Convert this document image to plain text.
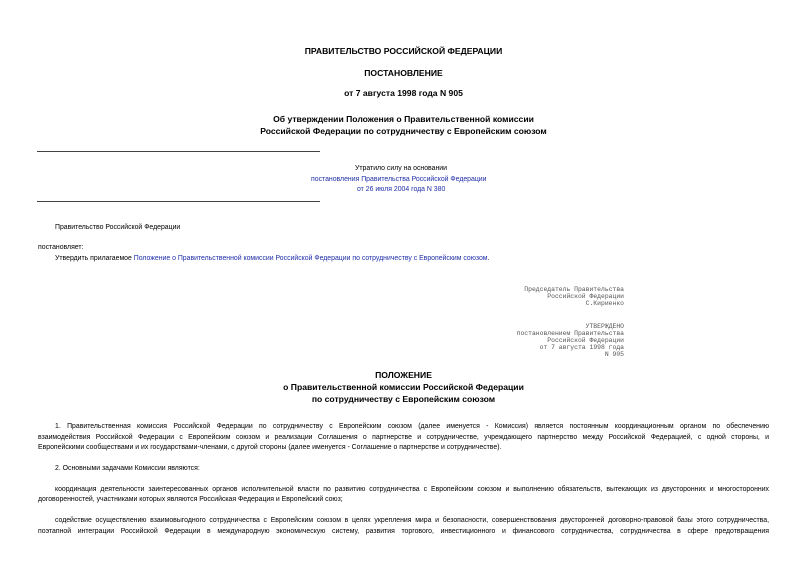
ПРАВИТЕЛЬСТВО РОССИЙСКОЙ ФЕДЕРАЦИИ
ПОСТАНОВЛЕНИЕ
от 7 августа 1998 года N 905
Об утверждении Положения о Правительственной комиссии
Российской Федерации по сотрудничеству с Европейским союзом
Утратило силу на основании
постановления Правительства Российской Федерации
от 26 июля 2004 года N 380
Правительство Российской Федерации
постановляет:
Утвердить прилагаемое Положение о Правительственной комиссии Российской Федерации по сотрудничеству с Европейским союзом.
Председатель Правительства
Российской Федерации
С.Кириенко
УТВЕРЖДЕНО
постановлением Правительства
Российской Федерации
от 7 августа 1998 года
N 905
ПОЛОЖЕНИЕ
о Правительственной комиссии Российской Федерации
по сотрудничеству с Европейским союзом
1. Правительственная комиссия Российской Федерации по сотрудничеству с Европейским союзом (далее именуется - Комиссия) является постоянным координационным органом по обеспечению
взаимодействия Российской Федерации с Европейским союзом и реализации Соглашения о партнерстве и сотрудничестве, учреждающего партнерство между Российской Федерацией, с одной стороны, и
Европейскими сообществами и их государствами-членами, с другой стороны (далее именуется - Соглашение о партнерстве и сотрудничестве).
2. Основными задачами Комиссии являются:
координация деятельности заинтересованных органов исполнительной власти по развитию сотрудничества с Европейским союзом и выполнению обязательств, вытекающих из двусторонних и многосторонних
договоренностей, участниками которых являются Российская Федерация и Европейский союз;
содействие осуществлению взаимовыгодного сотрудничества с Европейским союзом в целях укрепления мира и безопасности, совершенствования двусторонней договорно-правовой базы этого сотрудничества,
поэтапной интеграции Российской Федерации в международную экономическую систему, развития торгового, инвестиционного и финансового сотрудничества, сотрудничества в сфере предотвращения
